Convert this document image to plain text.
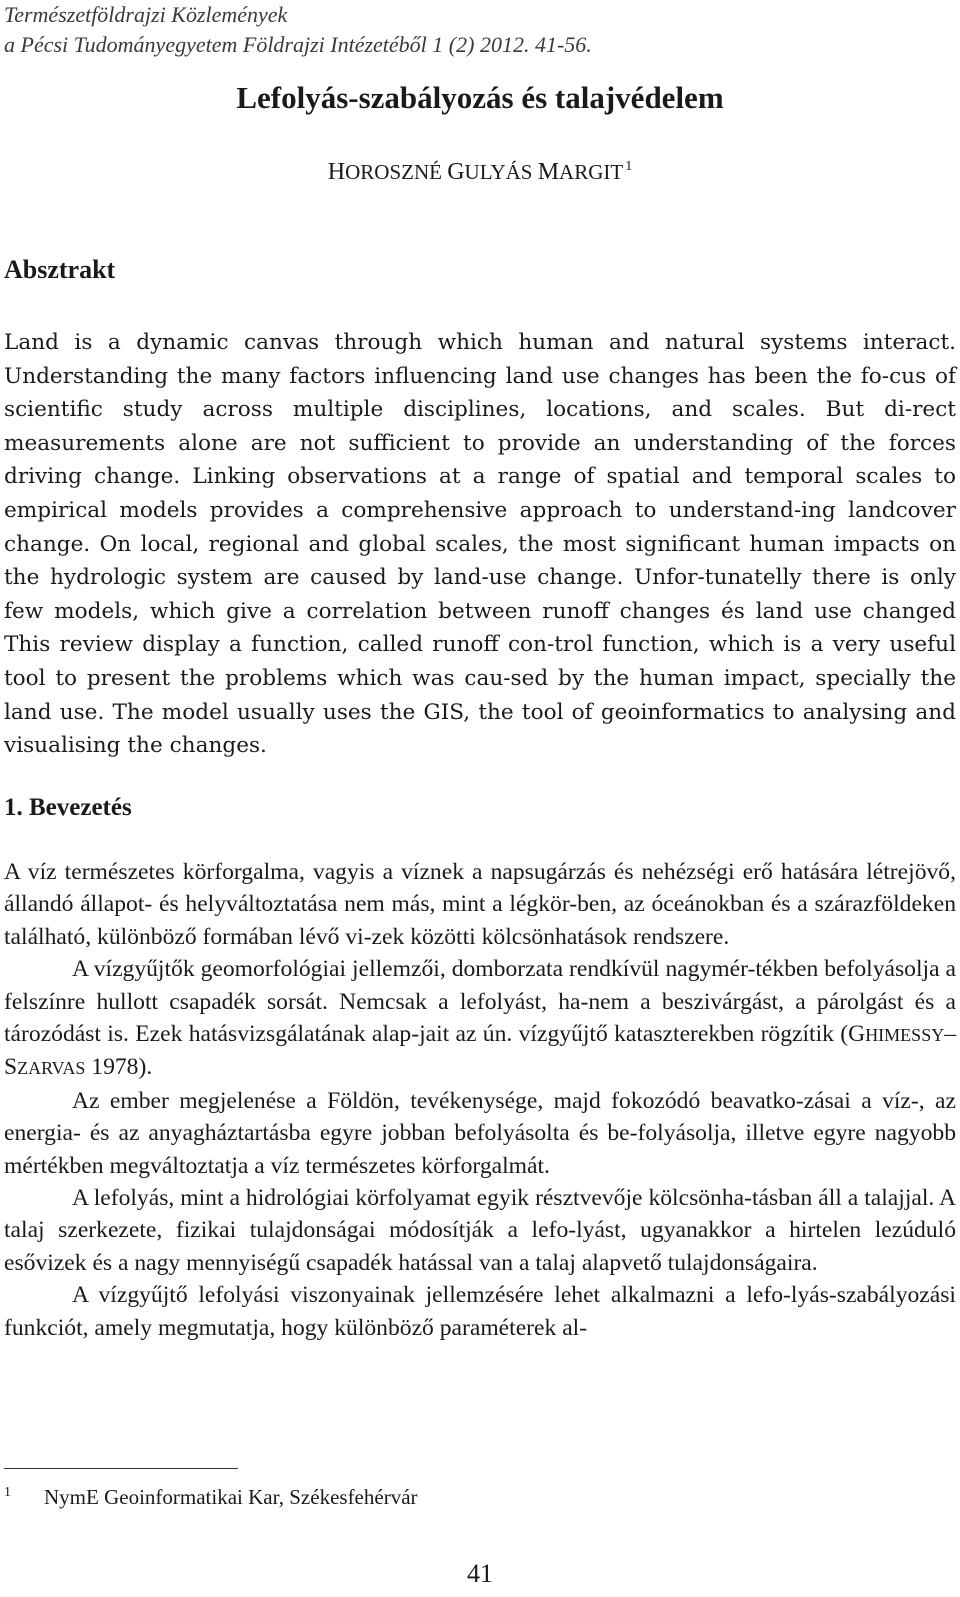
Természetföldrajzi Közlemények
a Pécsi Tudományegyetem Földrajzi Intézetéből 1 (2) 2012. 41-56.
Lefolyás-szabályozás és talajvédelem
HOROSZNÉ GULYÁS MARGIT $^1$
Absztrakt
Land is a dynamic canvas through which human and natural systems interact. Understanding the many factors influencing land use changes has been the fo-cus of scientific study across multiple disciplines, locations, and scales. But di-rect measurements alone are not sufficient to provide an understanding of the forces driving change. Linking observations at a range of spatial and temporal scales to empirical models provides a comprehensive approach to understand-ing landcover change. On local, regional and global scales, the most significant human impacts on the hydrologic system are caused by land-use change. Unfor-tunatelly there is only few models, which give a correlation between runoff changes és land use changed This review display a function, called runoff con-trol function, which is a very useful tool to present the problems which was cau-sed by the human impact, specially the land use. The model usually uses the GIS, the tool of geoinformatics to analysing and visualising the changes.
1. Bevezetés

A víz természetes körforgalma, vagyis a víznek a napsugárzás és nehézségi erő hatására létrejövő, állandó állapot- és helyváltoztatása nem más, mint a légkör-ben, az óceánokban és a szárazföldeken található, különböző formában lévő vi-zek közötti kölcsönhatások rendszere.

A vízgyűjtők geomorfológiai jellemzői, domborzata rendkívül nagymér-tékben befolyásolja a felszínre hullott csapadék sorsát. Nemcsak a lefolyást, ha-nem a beszivárgást, a párolgást és a tározódást is. Ezek hatásvizsgálatának alap-jait az ún. vízgyűjtő kataszterekben rögzítik (GHIMESSY–SZARVAS 1978).

Az ember megjelenése a Földön, tevékenysége, majd fokozódó beavatko-zásai a víz-, az energia- és az anyagháztartásba egyre jobban befolyásolta és be-folyásolja, illetve egyre nagyobb mértékben megváltoztatja a víz természetes körforgalmát.

A lefolyás, mint a hidrológiai körfolyamat egyik résztvevője kölcsönha-tásban áll a talajjal. A talaj szerkezete, fizikai tulajdonságai módosítják a lefo-lyást, ugyanakkor a hirtelen lezúduló esővizek és a nagy mennyiségű csapadék hatással van a talaj alapvető tulajdonságaira.

A vízgyűjtő lefolyási viszonyainak jellemzésére lehet alkalmazni a lefo-lyás-szabályozási funkciót, amely megmutatja, hogy különböző paraméterek al-

1 NymE Geoinformatikai Kar, Székesfehérvár
41
